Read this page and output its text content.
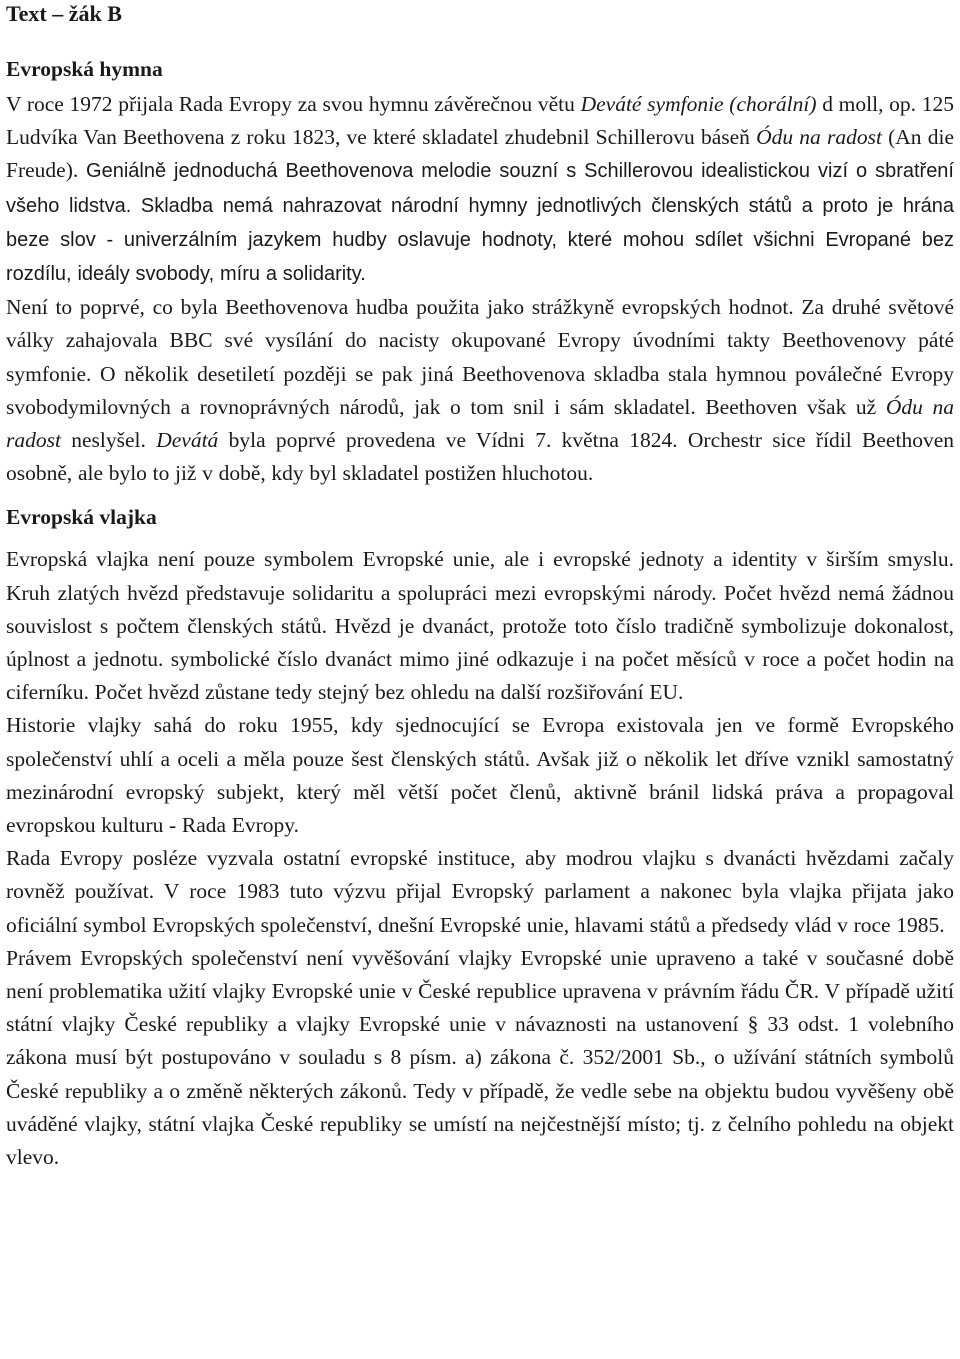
Text – žák B
Evropská hymna

V roce 1972 přijala Rada Evropy za svou hymnu závěrečnou větu Deváté symfonie (chorální) d moll, op. 125 Ludvíka Van Beethovena z roku 1823, ve které skladatel zhudebnil Schillerovu báseň Ódu na radost (An die Freude). Geniálně jednoduchá Beethovenova melodie souzní s Schillerovou idealistickou vizí o sbratření všeho lidstva. Skladba nemá nahrazovat národní hymny jednotlivých členských států a proto je hrána beze slov - univerzálním jazykem hudby oslavuje hodnoty, které mohou sdílet všichni Evropané bez rozdílu, ideály svobody, míru a solidarity.

Není to poprvé, co byla Beethovenova hudba použita jako strážkyně evropských hodnot. Za druhé světové války zahajovala BBC své vysílání do nacisty okupované Evropy úvodními takty Beethovenovy páté symfonie. O několik desetiletí později se pak jiná Beethovenova skladba stala hymnou poválečné Evropy svobodymilovných a rovnoprávných národů, jak o tom snil i sám skladatel. Beethoven však už Ódu na radost neslyšel. Devátá byla poprvé provedena ve Vídni 7. května 1824. Orchestr sice řídil Beethoven osobně, ale bylo to již v době, kdy byl skladatel postižen hluchotou.

Evropská vlajka

Evropská vlajka není pouze symbolem Evropské unie, ale i evropské jednoty a identity v širším smyslu. Kruh zlatých hvězd představuje solidaritu a spolupráci mezi evropskými národy. Počet hvězd nemá žádnou souvislost s počtem členských států. Hvězd je dvanáct, protože toto číslo tradičně symbolizuje dokonalost, úplnost a jednotu. symbolické číslo dvanáct mimo jiné odkazuje i na počet měsíců v roce a počet hodin na ciferníku. Počet hvězd zůstane tedy stejný bez ohledu na další rozšiřování EU.

Historie vlajky sahá do roku 1955, kdy sjednocující se Evropa existovala jen ve formě Evropského společenství uhlí a oceli a měla pouze šest členských států. Avšak již o několik let dříve vznikl samostatný mezinárodní evropský subjekt, který měl větší počet členů, aktivně bránil lidská práva a propagoval evropskou kulturu - Rada Evropy.

Rada Evropy posléze vyzvala ostatní evropské instituce, aby modrou vlajku s dvanácti hvězdami začaly rovněž používat. V roce 1983 tuto výzvu přijal Evropský parlament a nakonec byla vlajka přijata jako oficiální symbol Evropských společenství, dnešní Evropské unie, hlavami států a předsedy vlád v roce 1985.

Právem Evropských společenství není vyvěšování vlajky Evropské unie upraveno a také v současné době není problematika užití vlajky Evropské unie v České republice upravena v právním řádu ČR. V případě užití státní vlajky České republiky a vlajky Evropské unie v návaznosti na ustanovení § 33 odst. 1 volebního zákona musí být postupováno v souladu s 8 písm. a) zákona č. 352/2001 Sb., o užívání státních symbolů České republiky a o změně některých zákonů. Tedy v případě, že vedle sebe na objektu budou vyvěšeny obě uváděné vlajky, státní vlajka České republiky se umístí na nejčestnější místo; tj. z čelního pohledu na objekt vlevo.
